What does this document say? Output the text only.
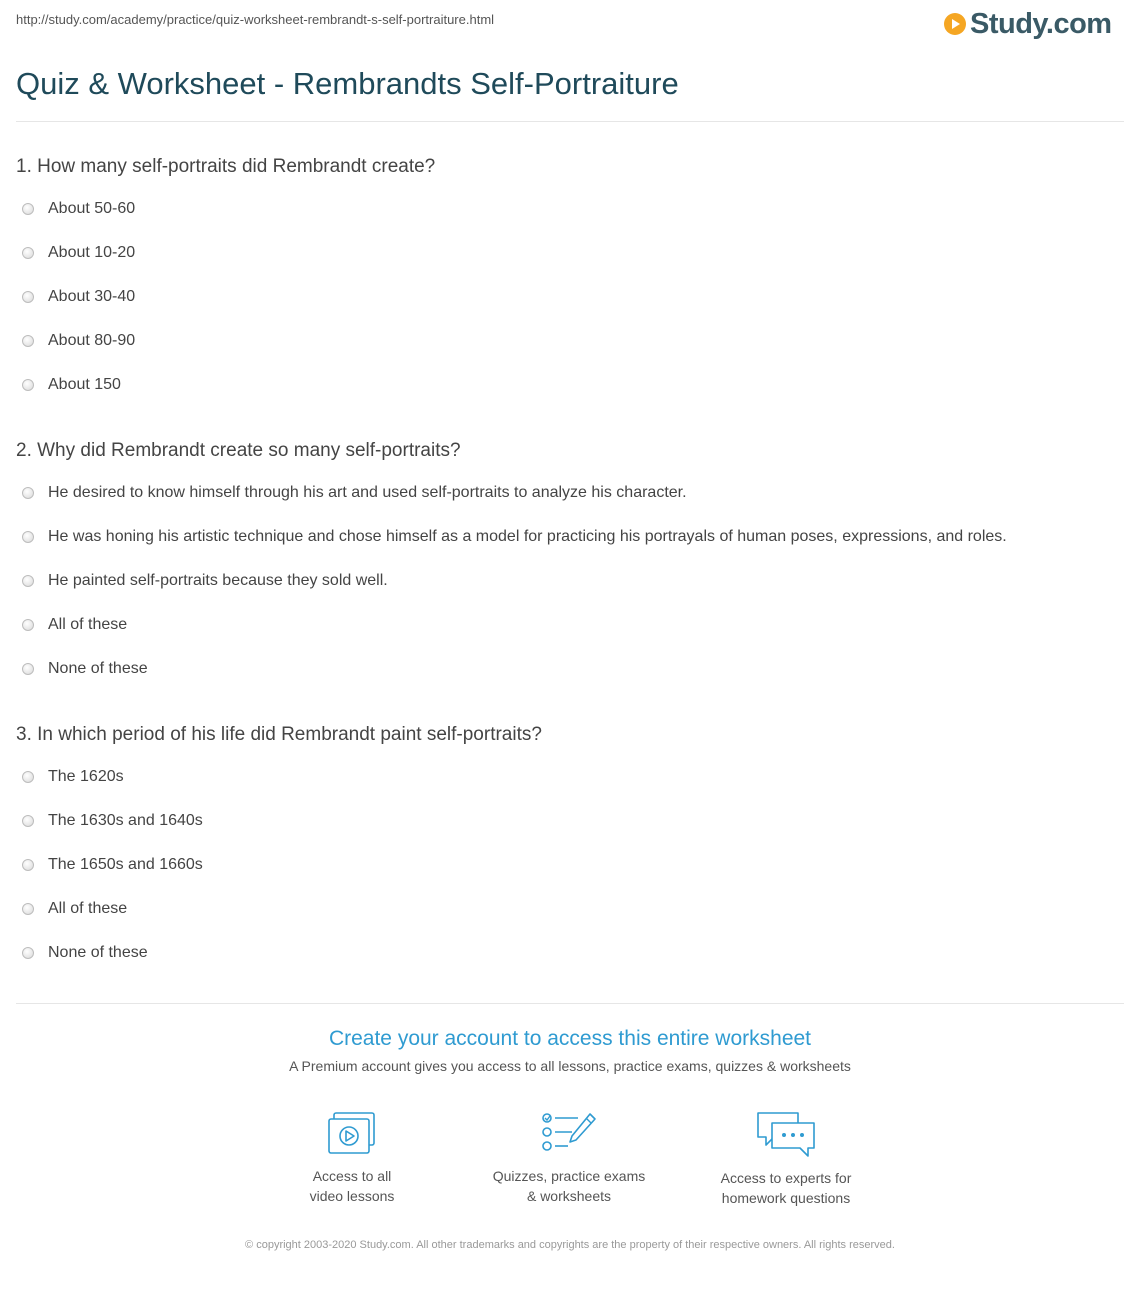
http://study.com/academy/practice/quiz-worksheet-rembrandt-s-self-portraiture.html	Study.com
Quiz & Worksheet - Rembrandts Self-Portraiture
1. How many self-portraits did Rembrandt create?
About 50-60
About 10-20
About 30-40
About 80-90
About 150
2. Why did Rembrandt create so many self-portraits?
He desired to know himself through his art and used self-portraits to analyze his character.
He was honing his artistic technique and chose himself as a model for practicing his portrayals of human poses, expressions, and roles.
He painted self-portraits because they sold well.
All of these
None of these
3. In which period of his life did Rembrandt paint self-portraits?
The 1620s
The 1630s and 1640s
The 1650s and 1660s
All of these
None of these
Create your account to access this entire worksheet
A Premium account gives you access to all lessons, practice exams, quizzes & worksheets
Access to all
video lessons
Quizzes, practice exams
& worksheets
Access to experts for
homework questions
© copyright 2003-2020 Study.com. All other trademarks and copyrights are the property of their respective owners. All rights reserved.
